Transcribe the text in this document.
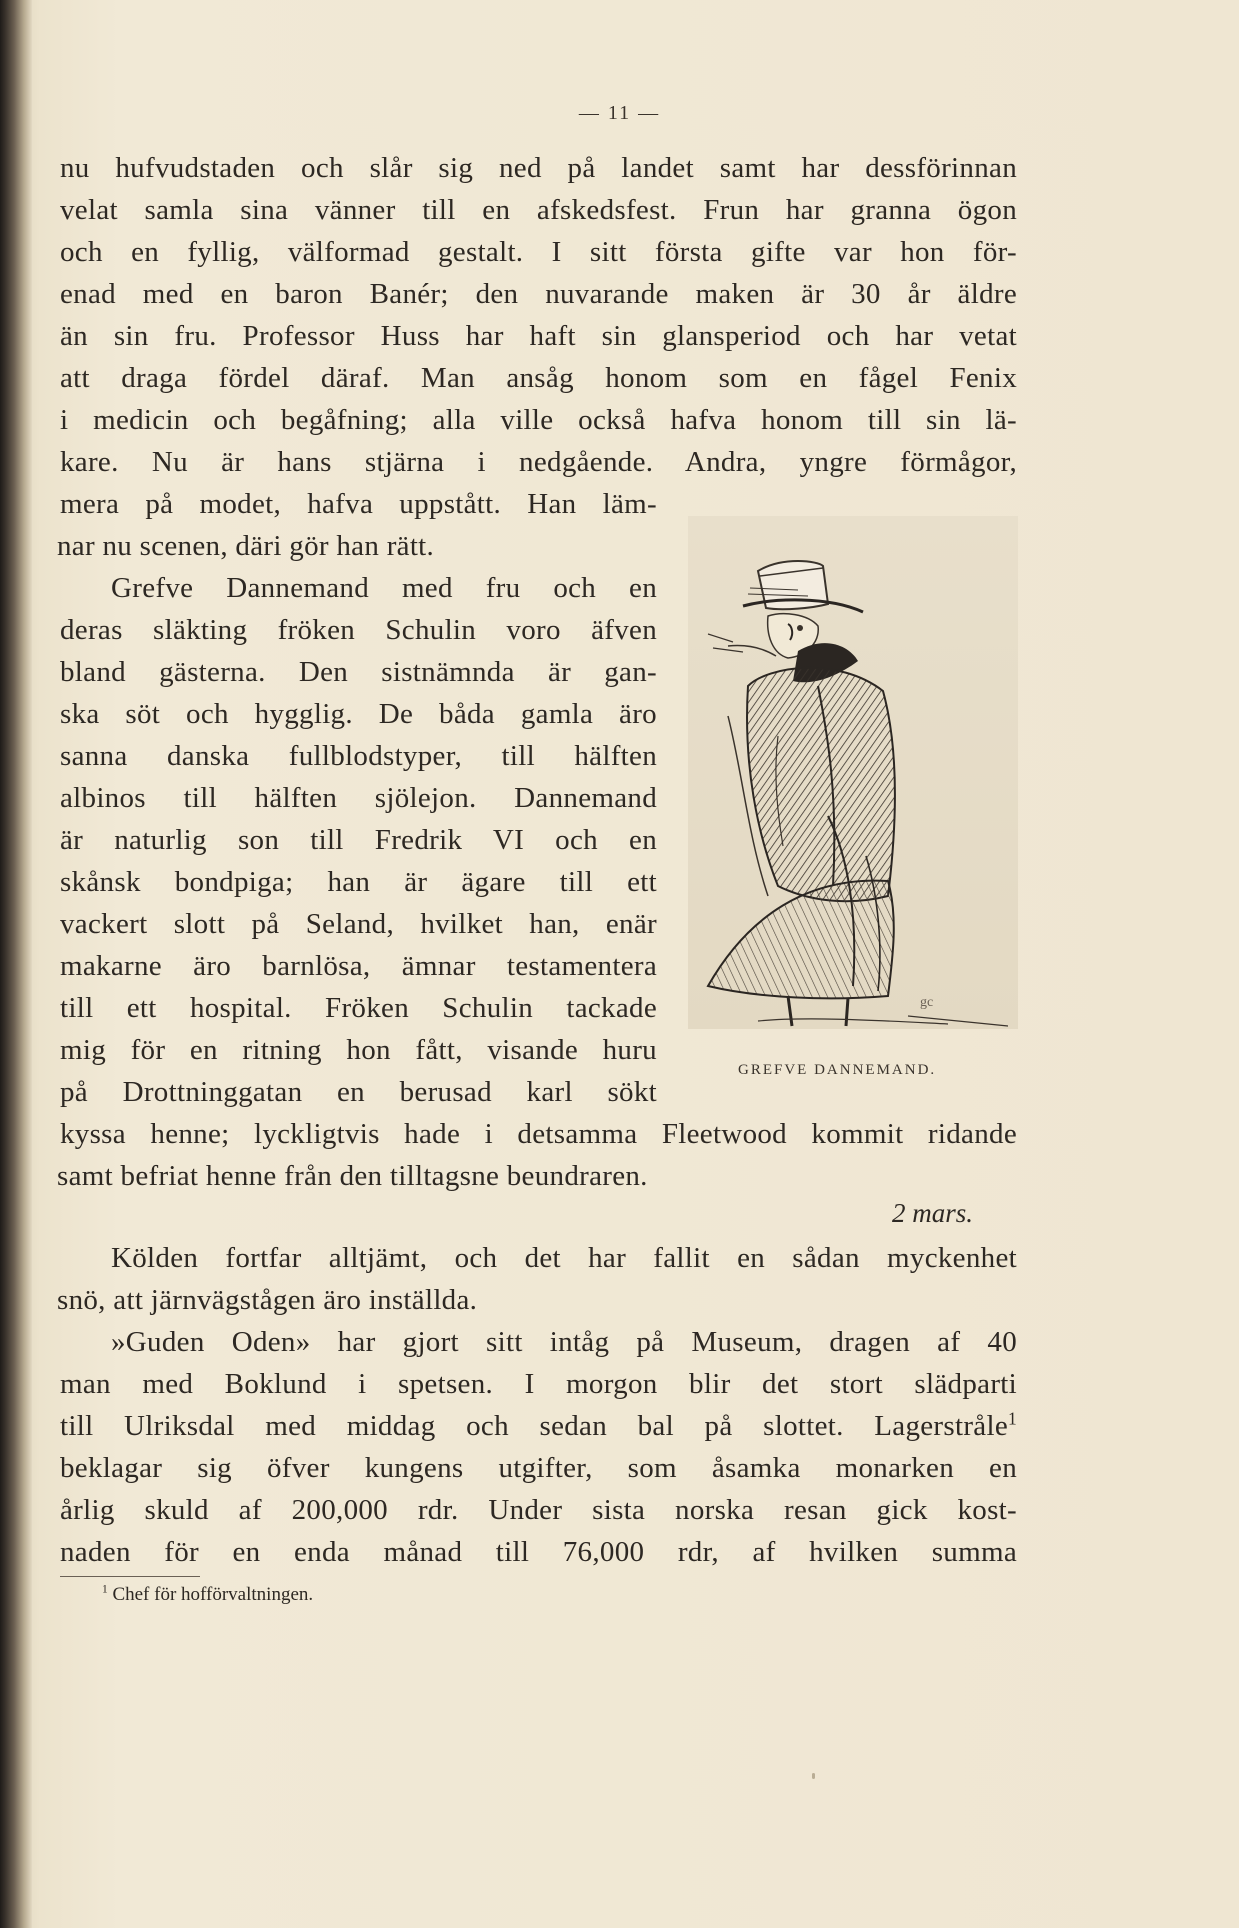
— 11 —
nu hufvudstaden och slår sig ned på landet samt har dessförinnan
velat samla sina vänner till en afskedsfest. Frun har granna ögon
och en fyllig, välformad gestalt. I sitt första gifte var hon för-
enad med en baron Banér; den nuvarande maken är 30 år äldre
än sin fru. Professor Huss har haft sin glansperiod och har vetat
att draga fördel däraf. Man ansåg honom som en fågel Fenix
i medicin och begåfning; alla ville också hafva honom till sin lä-
kare. Nu är hans stjärna i nedgående. Andra, yngre förmågor,
mera på modet, hafva uppstått. Han läm-
nar nu scenen, däri gör han rätt.
Grefve Dannemand med fru och en
deras släkting fröken Schulin voro äfven
bland gästerna. Den sistnämnda är gan-
ska söt och hygglig. De båda gamla äro
sanna danska fullblodstyper, till hälften
albinos till hälften sjölejon. Dannemand
är naturlig son till Fredrik VI och en
skånsk bondpiga; han är ägare till ett
vackert slott på Seland, hvilket han, enär
makarne äro barnlösa, ämnar testamentera
till ett hospital. Fröken Schulin tackade
mig för en ritning hon fått, visande huru
på Drottninggatan en berusad karl sökt
kyssa henne; lyckligtvis hade i detsamma Fleetwood kommit ridande
samt befriat henne från den tilltagsne beundraren.
2 mars.
Kölden fortfar alltjämt, och det har fallit en sådan myckenhet
snö, att järnvägstågen äro inställda.
»Guden Oden» har gjort sitt intåg på Museum, dragen af 40
man med Boklund i spetsen. I morgon blir det stort slädparti
till Ulriksdal med middag och sedan bal på slottet. Lagerstråle$^1$
beklagar sig öfver kungens utgifter, som åsamka monarken en
årlig skuld af 200,000 rdr. Under sista norska resan gick kost-
naden för en enda månad till 76,000 rdr, af hvilken summa
gc
GREFVE DANNEMAND.
$^1$ Chef för hofförvaltningen.
